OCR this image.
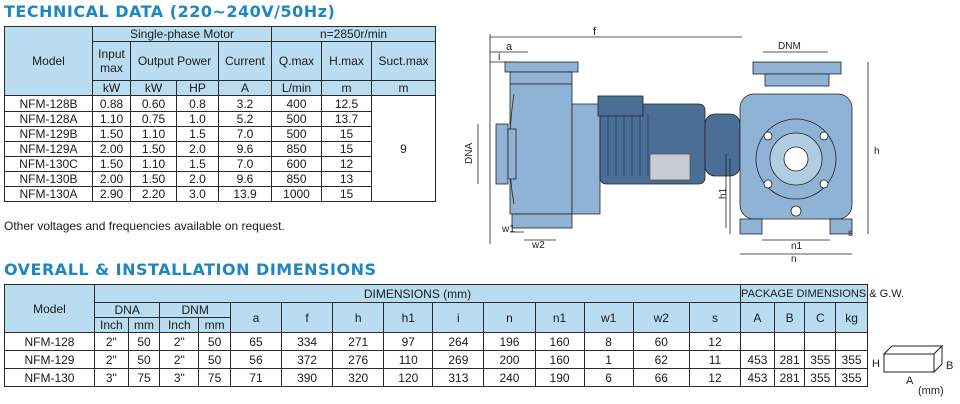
TECHNICAL DATA (220~240V/50Hz)
Model	Single-phase Motor				n=2850r/min		
	Input max	Output Power		Current	Q.max	H.max	Suct.max
	kW	kW	HP	A	L/min	m	m
NFM-128B	0.88	0.60	0.8	3.2	400	12.5	9
NFM-128A	1.10	0.75	1.0	5.2	500	13.7	
NFM-129B	1.50	1.10	1.5	7.0	500	15	
NFM-129A	2.00	1.50	2.0	9.6	850	15	
NFM-130C	1.50	1.10	1.5	7.0	600	12	
NFM-130B	2.00	1.50	2.0	9.6	850	13	
NFM-130A	2.90	2.20	3.0	13.9	1000	15	
Other voltages and frequencies available on request.
f
a
i
DNA
w1
w2
DNM
h
h1
n1
n
s
OVERALL & INSTALLATION DIMENSIONS
Model	DIMENSIONS (mm)														PACKAGE DIMENSIONS & G.W.			
	DNA		DNM		a	f	h	h1	i	n	n1	w1	w2	s	A	B	C	kg
	Inch	mm	Inch	mm														
NFM-128	2"	50	2"	50	65	334	271	97	264	196	160	8	60	12				
NFM-129	2"	50	2"	50	56	372	276	110	269	200	160	1	62	11	453	281	355	355
NFM-130	3"	75	3"	75	71	390	320	120	313	240	190	6	66	12	453	281	355	355
H	B
A
(mm)
